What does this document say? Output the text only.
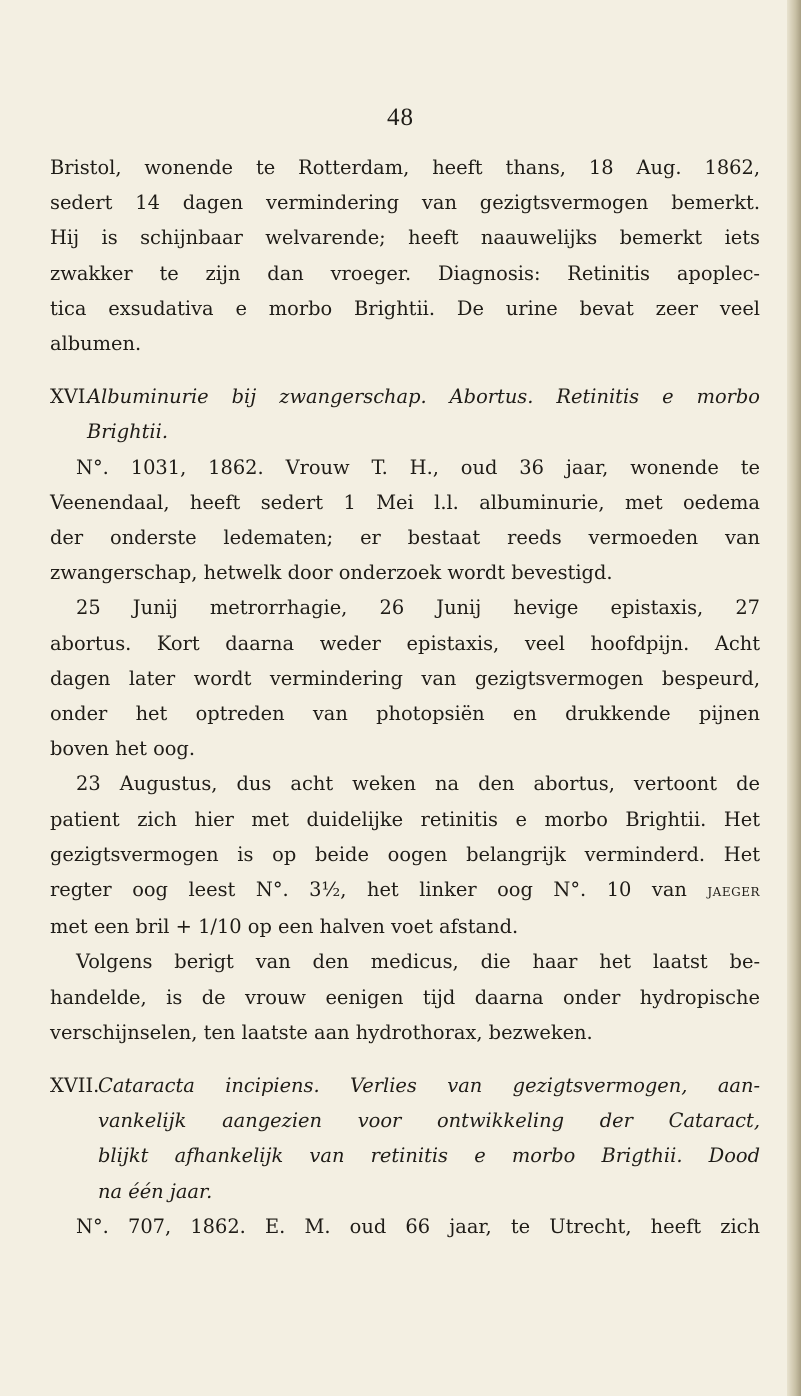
48
Bristol, wonende te Rotterdam, heeft thans, 18 Aug. 1862,
sedert 14 dagen vermindering van gezigtsvermogen bemerkt.
Hij is schijnbaar welvarende; heeft naauwelijks bemerkt iets
zwakker te zijn dan vroeger. Diagnosis: Retinitis apoplec-
tica exsudativa e morbo Brightii. De urine bevat zeer veel
albumen.
XVI.Albuminurie bij zwangerschap. Abortus. Retinitis e morbo
Brightii.
N°. 1031, 1862. Vrouw T. H., oud 36 jaar, wonende te
Veenendaal, heeft sedert 1 Mei l.l. albuminurie, met oedema
der onderste ledematen; er bestaat reeds vermoeden van
zwangerschap, hetwelk door onderzoek wordt bevestigd.
25 Junij metrorrhagie, 26 Junij hevige epistaxis, 27
abortus. Kort daarna weder epistaxis, veel hoofdpijn. Acht
dagen later wordt vermindering van gezigtsvermogen bespeurd,
onder het optreden van photopsiën en drukkende pijnen
boven het oog.
23 Augustus, dus acht weken na den abortus, vertoont de
patient zich hier met duidelijke retinitis e morbo Brightii. Het
gezigtsvermogen is op beide oogen belangrijk verminderd. Het
regter oog leest N°. 3½, het linker oog N°. 10 van jaeger
met een bril + 1/10 op een halven voet afstand.
Volgens berigt van den medicus, die haar het laatst be-
handelde, is de vrouw eenigen tijd daarna onder hydropische
verschijnselen, ten laatste aan hydrothorax, bezweken.
XVII.Cataracta incipiens. Verlies van gezigtsvermogen, aan-
vankelijk aangezien voor ontwikkeling der Cataract,
blijkt afhankelijk van retinitis e morbo Brigthii. Dood
na één jaar.
N°. 707, 1862. E. M. oud 66 jaar, te Utrecht, heeft zich
